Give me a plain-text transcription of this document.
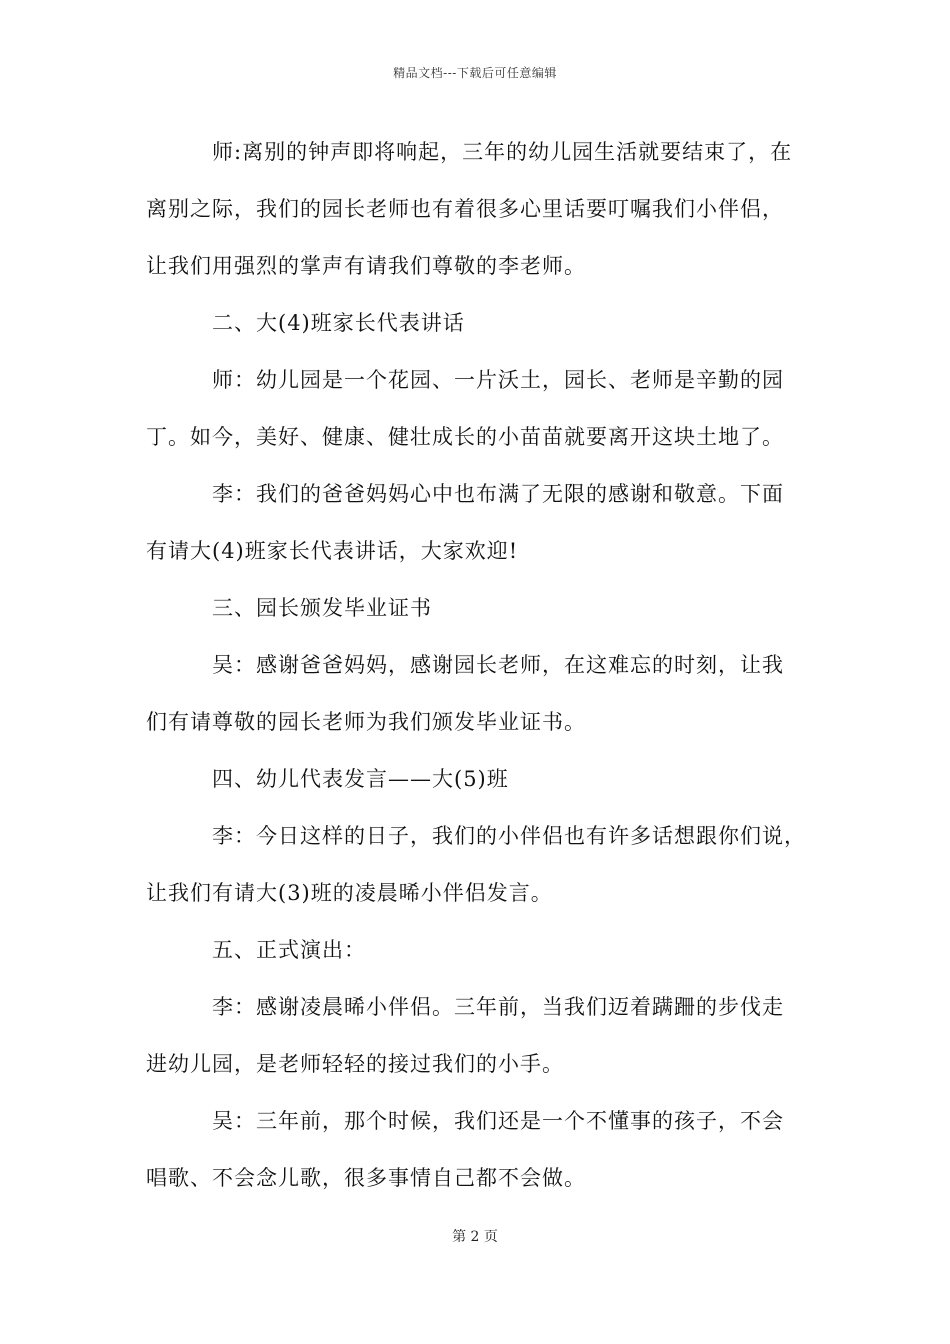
精品文档---下载后可任意编辑
师:离别的钟声即将响起，三年的幼儿园生活就要结束了，在
离别之际，我们的园长老师也有着很多心里话要叮嘱我们小伴侣，
让我们用强烈的掌声有请我们尊敬的李老师。
二、大(4)班家长代表讲话
师：幼儿园是一个花园、一片沃土，园长、老师是辛勤的园
丁。如今，美好、健康、健壮成长的小苗苗就要离开这块土地了。
李：我们的爸爸妈妈心中也布满了无限的感谢和敬意。下面
有请大(4)班家长代表讲话，大家欢迎!
三、园长颁发毕业证书
吴：感谢爸爸妈妈，感谢园长老师，在这难忘的时刻，让我
们有请尊敬的园长老师为我们颁发毕业证书。
四、幼儿代表发言——大(5)班
李：今日这样的日子，我们的小伴侣也有许多话想跟你们说，
让我们有请大(3)班的凌晨晞小伴侣发言。
五、正式演出：
李：感谢凌晨晞小伴侣。三年前，当我们迈着蹒跚的步伐走
进幼儿园，是老师轻轻的接过我们的小手。
吴：三年前，那个时候，我们还是一个不懂事的孩子，不会
唱歌、不会念儿歌，很多事情自己都不会做。
第 2 页
